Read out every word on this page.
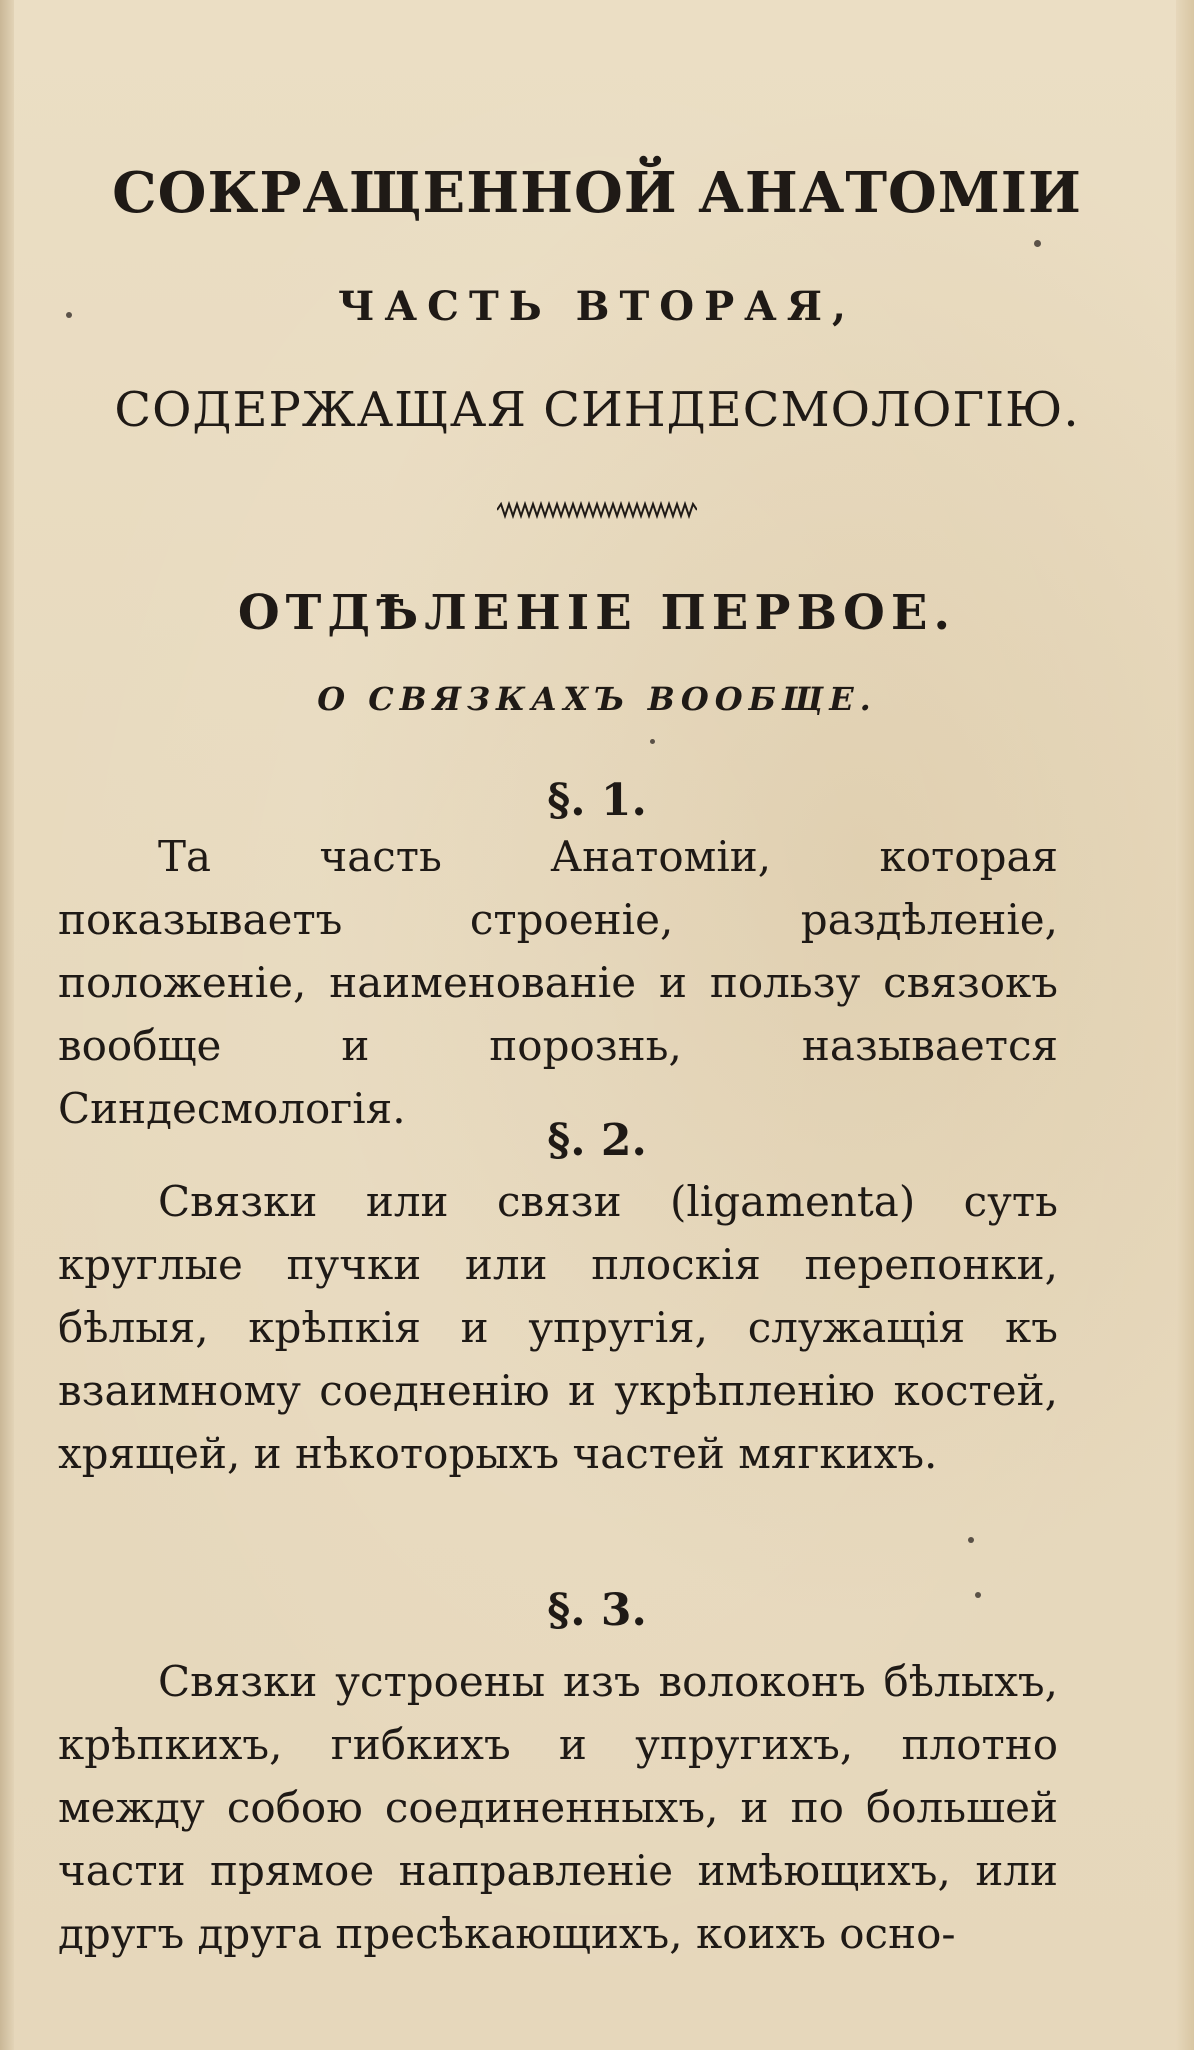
СОКРАЩЕННОЙ АНАТОМІИ
ЧАСТЬ ВТОРАЯ,
СОДЕРЖАЩАЯ СИНДЕСМОЛОГІЮ.
ОТДѢЛЕНІЕ ПЕРВОЕ.
О СВЯЗКАХЪ ВООБЩЕ.
§. 1.

Та часть Анатоміи, которая показываетъ строеніе, раздѣленіе, положеніе, наименованіе и пользу связокъ вообще и порознь, называется Синдесмологія.

§. 2.

Связки или связи (ligamenta) суть круглые пучки или плоскія перепонки, бѣлыя, крѣпкія и упругія, служащія къ взаимному соедненію и укрѣпленію костей, хрящей, и нѣкоторыхъ частей мягкихъ.

§. 3.

Связки устроены изъ волоконъ бѣлыхъ, крѣпкихъ, гибкихъ и упругихъ, плотно между собою соединенныхъ, и по большей части прямое направленіе имѣющихъ, или другъ друга пресѣкающихъ, коихъ осно-
